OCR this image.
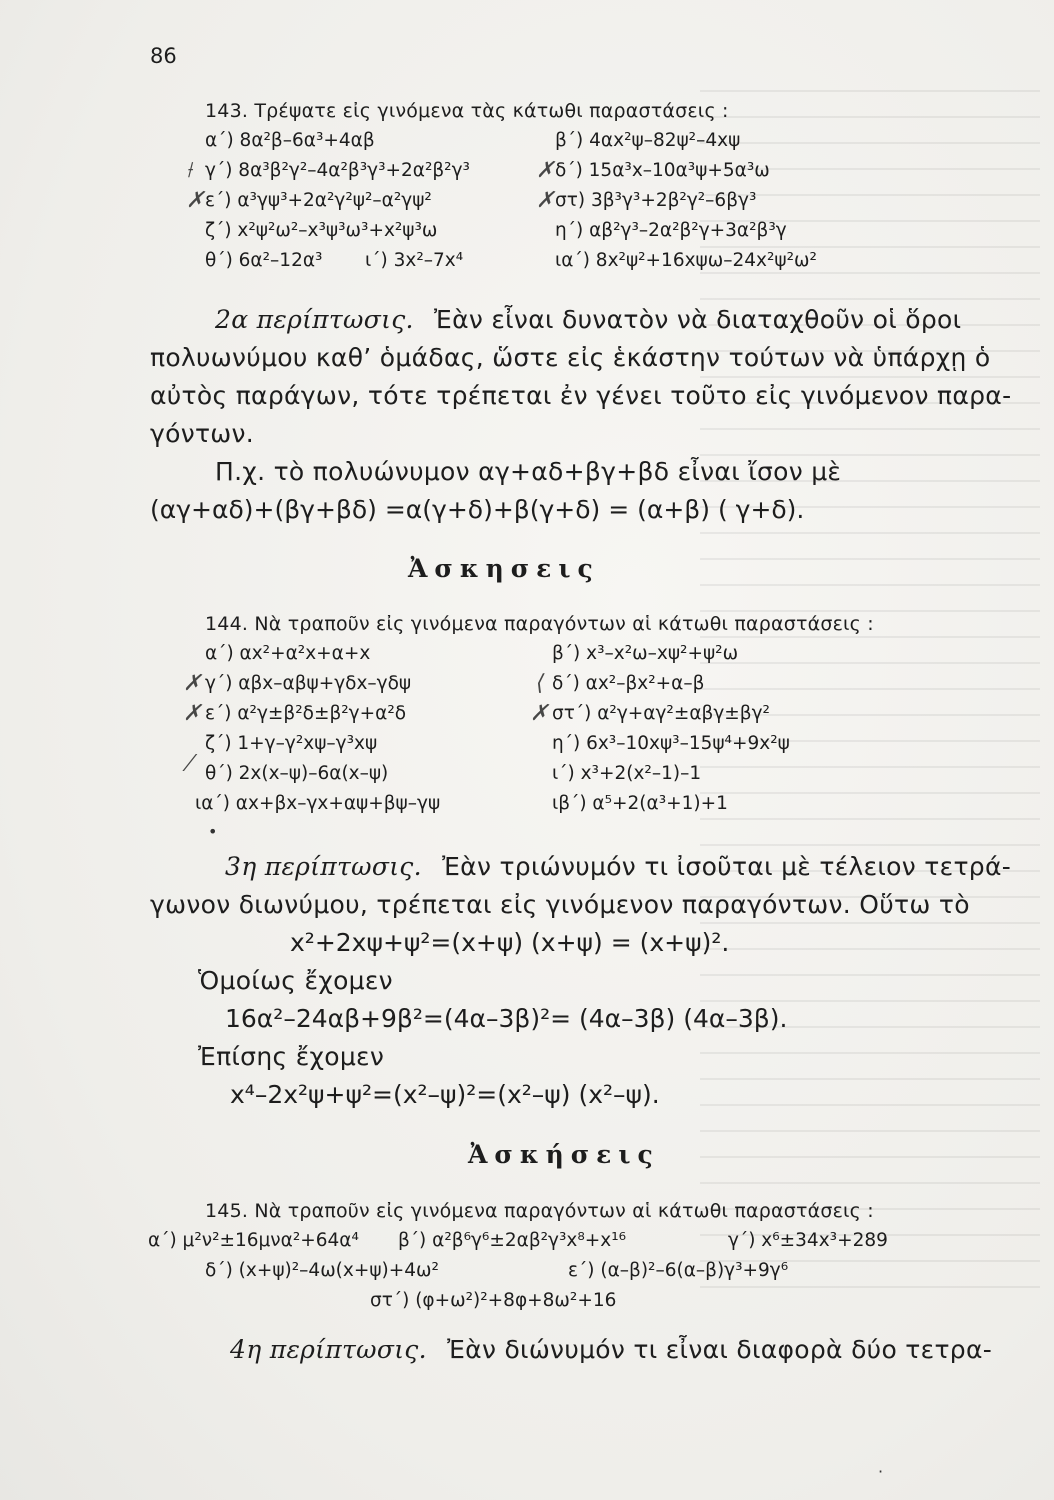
86
143. Τρέψατε εἰς γινόμενα τὰς κάτωθι παραστάσεις :
α΄) 8α²β–6α³+4αβ	β΄) 4αx²ψ–82ψ²–4xψ
⟊ γ΄) 8α³β²γ²–4α²β³γ³+2α²β²γ³	✗ δ΄) 15α³x–10α³ψ+5α³ω
✗ ε΄) α³γψ³+2α²γ²ψ²–α²γψ²	✗ στ) 3β³γ³+2β²γ²–6βγ³
ζ΄) x²ψ²ω²–x³ψ³ω³+x²ψ³ω	η΄) αβ²γ³–2α²β²γ+3α²β³γ
θ΄) 6α²–12α³ ι΄) 3x²–7x⁴	ια΄) 8x²ψ²+16xψω–24x²ψ²ω²
2α περίπτωσις. Ἐὰν εἶναι δυνατὸν νὰ διαταχθοῦν οἱ ὅροι
πολυωνύμου καθ’ ὁμάδας, ὥστε εἰς ἑκάστην τούτων νὰ ὑπάρχῃ ὁ
αὐτὸς παράγων, τότε τρέπεται ἐν γένει τοῦτο εἰς γινόμενον παρα-
γόντων.
Π.χ. τὸ πολυώνυμον αγ+αδ+βγ+βδ εἶναι ἴσον μὲ
(αγ+αδ)+(βγ+βδ) =α(γ+δ)+β(γ+δ) = (α+β) ( γ+δ).
Ἀσκησεις
144. Νὰ τραποῦν εἰς γινόμενα παραγόντων αἱ κάτωθι παραστάσεις :
α΄) αx²+α²x+α+x	β΄) x³–x²ω–xψ²+ψ²ω
✗ γ΄) αβx–αβψ+γδx–γδψ	⟨ δ΄) αx²–βx²+α–β
✗ ε΄) α²γ±β²δ±β²γ+α²δ	✗ στ΄) α²γ+αγ²±αβγ±βγ²
ζ΄) 1+γ–γ²xψ–γ³xψ	η΄) 6x³–10xψ³–15ψ⁴+9x²ψ
⁄ θ΄) 2x(x–ψ)–6α(x–ψ)	ι΄) x³+2(x²–1)–1
ια΄) αx+βx–γx+αψ+βψ–γψ	ιβ΄) α⁵+2(α³+1)+1
•
3η περίπτωσις. Ἐὰν τριώνυμόν τι ἰσοῦται μὲ τέλειον τετρά-
γωνον διωνύμου, τρέπεται εἰς γινόμενον παραγόντων. Οὕτω τὸ
x²+2xψ+ψ²=(x+ψ) (x+ψ) = (x+ψ)².
Ὁμοίως ἔχομεν
16α²–24αβ+9β²=(4α–3β)²= (4α–3β) (4α–3β).
Ἐπίσης ἔχομεν
x⁴–2x²ψ+ψ²=(x²–ψ)²=(x²–ψ) (x²–ψ).
Ἀσκήσεις
145. Νὰ τραποῦν εἰς γινόμενα παραγόντων αἱ κάτωθι παραστάσεις :
α΄) μ²ν²±16μνα²+64α⁴ β΄) α²β⁶γ⁶±2αβ²γ³x⁸+x¹⁶	γ΄) x⁶±34x³+289
δ΄) (x+ψ)²–4ω(x+ψ)+4ω²	ε΄) (α–β)²–6(α–β)γ³+9γ⁶
στ΄) (φ+ω²)²+8φ+8ω²+16
4η περίπτωσις. Ἐὰν διώνυμόν τι εἶναι διαφορὰ δύο τετρα-
·
